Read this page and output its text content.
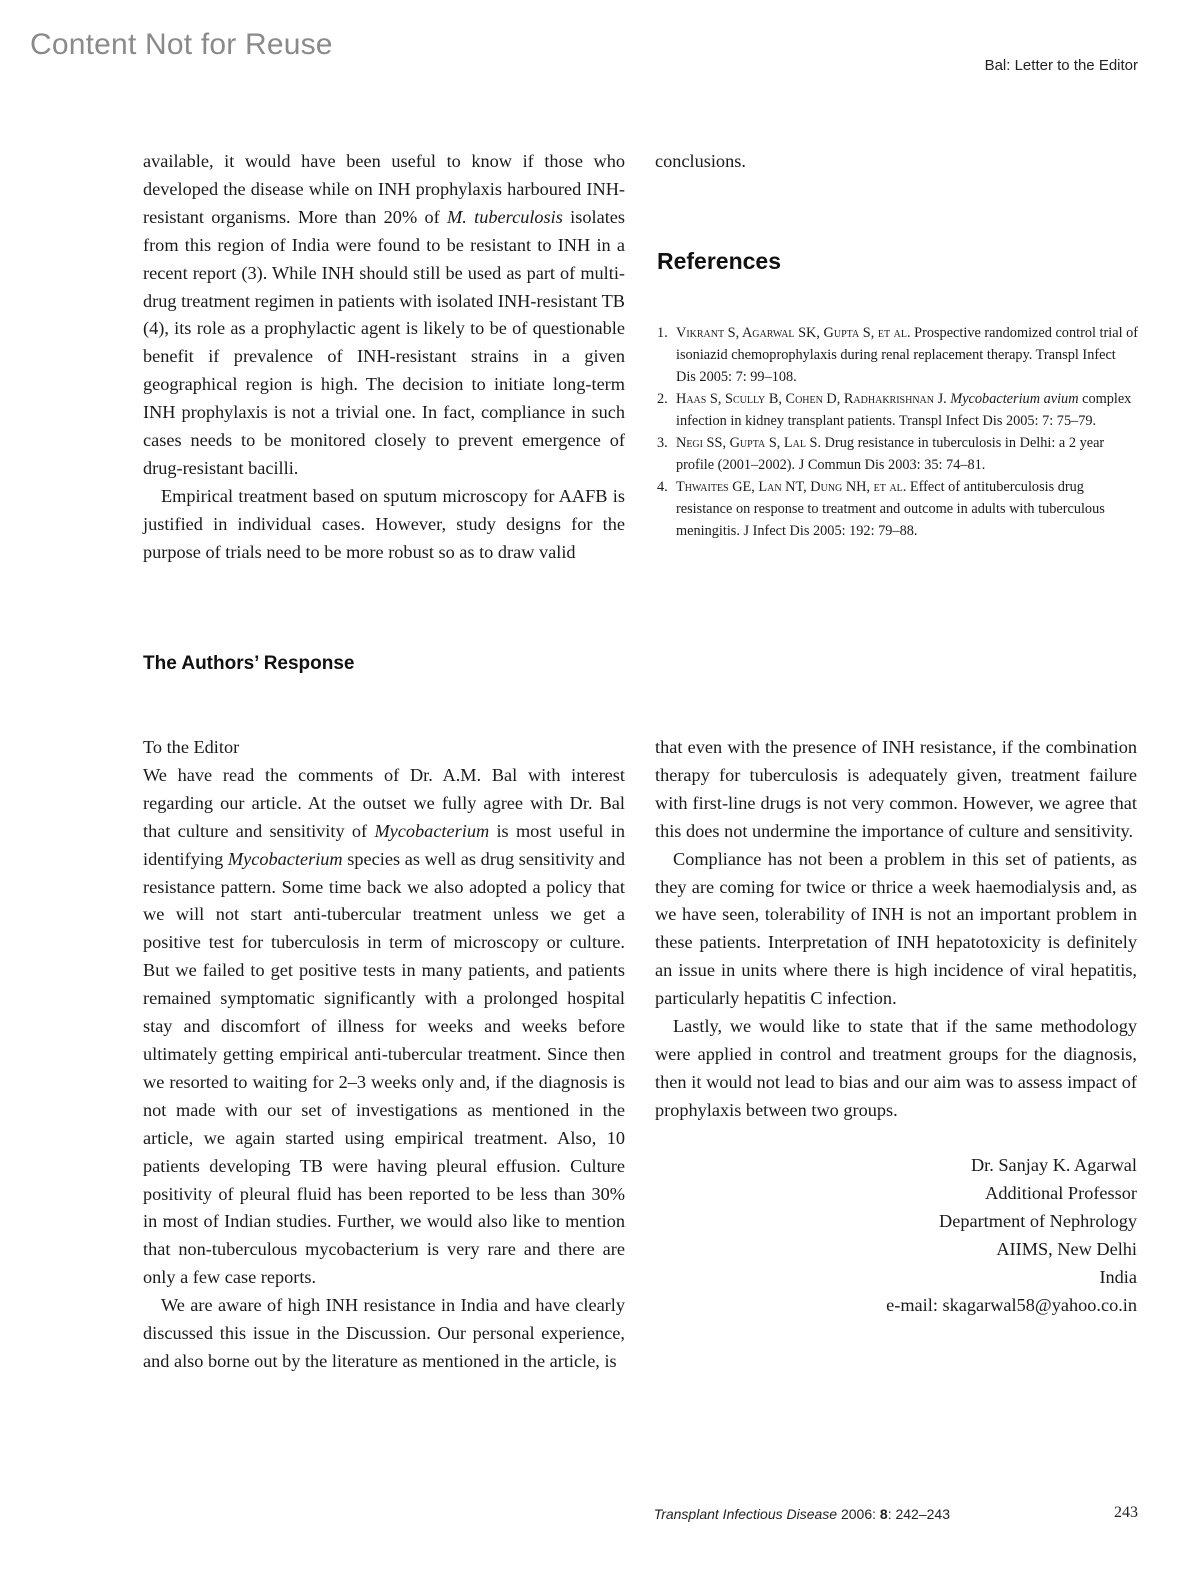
Content Not for Reuse
Bal: Letter to the Editor

available, it would have been useful to know if those who developed the disease while on INH prophylaxis harboured INH-resistant organisms. More than 20% of M. tuberculosis isolates from this region of India were found to be resistant to INH in a recent report (3). While INH should still be used as part of multi-drug treatment regimen in patients with isolated INH-resistant TB (4), its role as a prophylactic agent is likely to be of questionable benefit if prevalence of INH-resistant strains in a given geographical region is high. The decision to initiate long-term INH prophylaxis is not a trivial one. In fact, compliance in such cases needs to be monitored closely to prevent emergence of drug-resistant bacilli.

Empirical treatment based on sputum microscopy for AAFB is justified in individual cases. However, study designs for the purpose of trials need to be more robust so as to draw valid

References
1. Vikrant S, Agarwal SK, Gupta S, et al. Prospective randomized control trial of isoniazid chemoprophylaxis during renal replacement therapy. Transpl Infect Dis 2005: 7: 99–108.
2. Haas S, Scully B, Cohen D, Radhakrishnan J. Mycobacterium avium complex infection in kidney transplant patients. Transpl Infect Dis 2005: 7: 75–79.
3. Negi SS, Gupta S, Lal S. Drug resistance in tuberculosis in Delhi: a 2 year profile (2001–2002). J Commun Dis 2003: 35: 74–81.
4. Thwaites GE, Lan NT, Dung NH, et al. Effect of antituberculosis drug resistance on response to treatment and outcome in adults with tuberculous meningitis. J Infect Dis 2005: 192: 79–88.
The Authors’ Response

To the Editor

We have read the comments of Dr. A.M. Bal with interest regarding our article. At the outset we fully agree with Dr. Bal that culture and sensitivity of Mycobacterium is most useful in identifying Mycobacterium species as well as drug sensitivity and resistance pattern. Some time back we also adopted a policy that we will not start anti-tubercular treatment unless we get a positive test for tuberculosis in term of microscopy or culture. But we failed to get positive tests in many patients, and patients remained symptomatic significantly with a prolonged hospital stay and discomfort of illness for weeks and weeks before ultimately getting empirical anti-tubercular treatment. Since then we resorted to waiting for 2–3 weeks only and, if the diagnosis is not made with our set of investigations as mentioned in the article, we again started using empirical treatment. Also, 10 patients developing TB were having pleural effusion. Culture positivity of pleural fluid has been reported to be less than 30% in most of Indian studies. Further, we would also like to mention that non-tuberculous mycobacterium is very rare and there are only a few case reports.

We are aware of high INH resistance in India and have clearly discussed this issue in the Discussion. Our personal experience, and also borne out by the literature as mentioned in the article, is

that even with the presence of INH resistance, if the combination therapy for tuberculosis is adequately given, treatment failure with first-line drugs is not very common. However, we agree that this does not undermine the importance of culture and sensitivity.

Compliance has not been a problem in this set of patients, as they are coming for twice or thrice a week haemodialysis and, as we have seen, tolerability of INH is not an important problem in these patients. Interpretation of INH hepatotoxicity is definitely an issue in units where there is high incidence of viral hepatitis, particularly hepatitis C infection.

Lastly, we would like to state that if the same methodology were applied in control and treatment groups for the diagnosis, then it would not lead to bias and our aim was to assess impact of prophylaxis between two groups.

Dr. Sanjay K. Agarwal
Additional Professor
Department of Nephrology
AIIMS, New Delhi
India
e-mail: skagarwal58@yahoo.co.in
Transplant Infectious Disease 2006: 8: 242–243	243

conclusions.
